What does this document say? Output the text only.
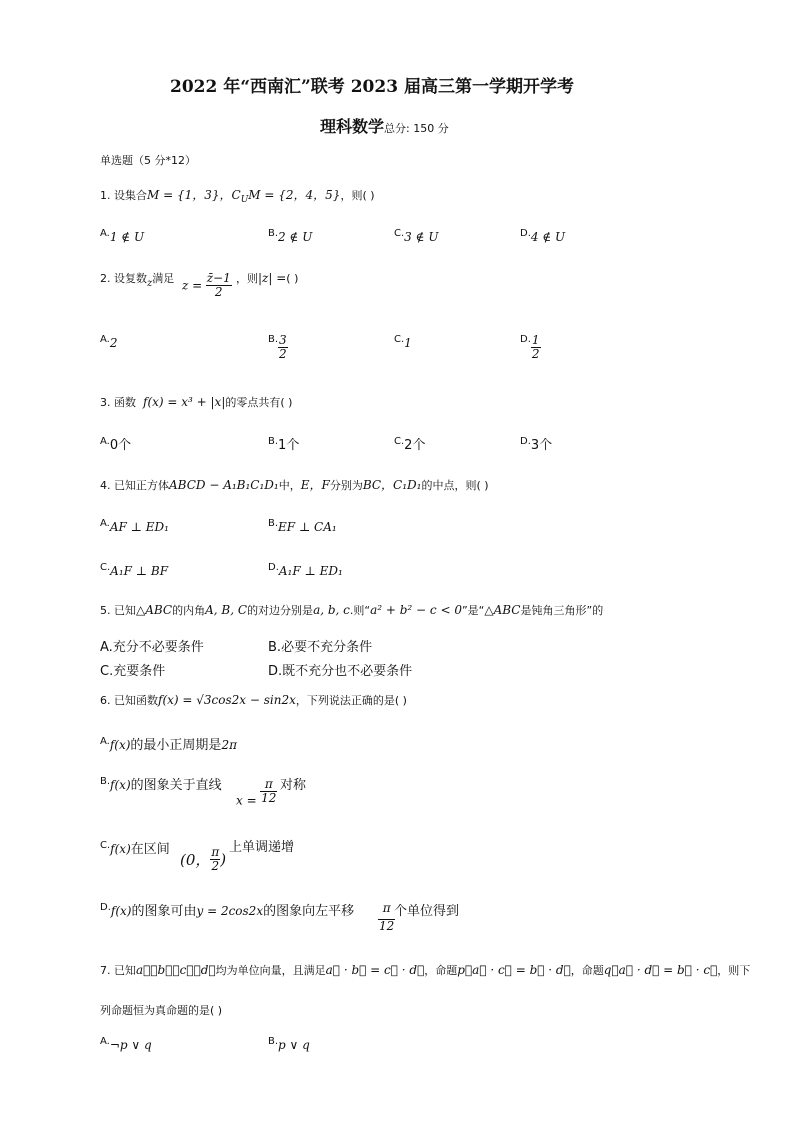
2022 年“西南汇”联考 2023 届高三第一学期开学考
理科数学总分: 150 分
单选题（5 分*12）
1. 设集合M = {1，3}，$C_UM = \{2$，4，5}，则( )
A.1 ∉ U	B.2 ∉ U	C.3 ∉ U	D.4 ∉ U
2. 设复数z满足
$z = \frac{z̄-1}{2}$ ，则|z| =( )
A.2	B. $\frac{3}{2}$	C.1	D. $\frac{1}{2}$
3. 函数 f(x) = x³ + |x|的零点共有( )
A.0个	B.1个	C.2个	D.3个
4. 已知正方体ABCD − A₁B₁C₁D₁中，E，F分别为BC，C₁D₁的中点，则( )
A.AF ⊥ ED₁	B.EF ⊥ CA₁
C.A₁F ⊥ BF	D.A₁F ⊥ ED₁
5. 已知△ABC的内角A, B, C的对边分别是a, b, c.则“a² + b² − c < 0”是“△ABC是钝角三角形”的
A.充分不必要条件	B.必要不充分条件
C.充要条件	D.既不充分也不必要条件
6. 已知函数f(x) = √3cos2x − sin2x，下列说法正确的是( )
A.f(x)的最小正周期是2π
B.f(x)的图象关于直线
$x = \frac{\pi}{12}$ 对称
C.f(x)在区间
(0， $\frac{\pi}{2}$ )
上单调递增
D.f(x)的图象可由y = 2cos2x的图象向左平移 $\frac{\pi}{12}$
个单位得到
7. 已知a⃗，b⃗，c⃗，d⃗均为单位向量，且满足a⃗ · b⃗ = c⃗ · d⃗，命题p：a⃗ · c⃗ = b⃗ · d⃗，命题q：a⃗ · d⃗ = b⃗ · c⃗，则下
列命题恒为真命题的是( )
A.¬p ∨ q	B.p ∨ q
